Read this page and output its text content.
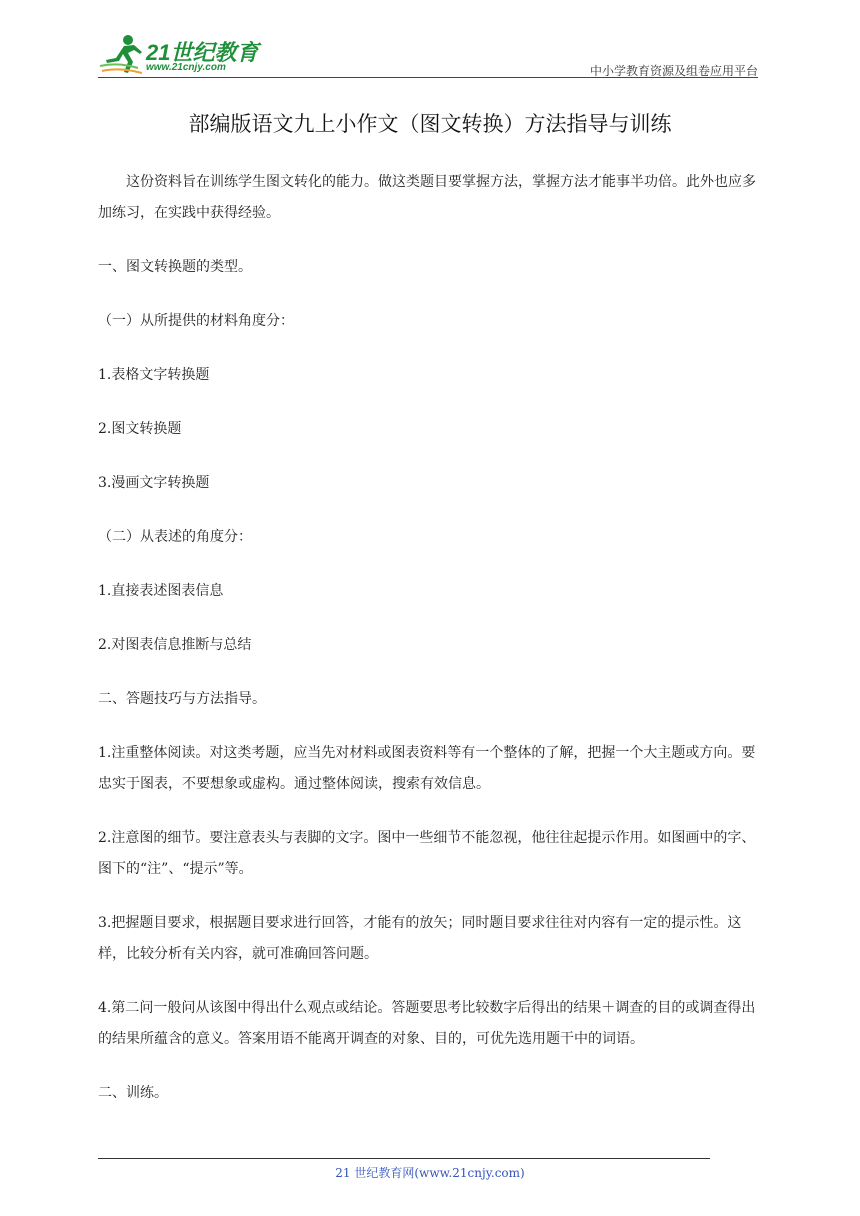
21世纪教育
www.21cnjy.com	中小学教育资源及组卷应用平台
部编版语文九上小作文（图文转换）方法指导与训练

这份资料旨在训练学生图文转化的能力。做这类题目要掌握方法，掌握方法才能事半功倍。此外也应多加练习，在实践中获得经验。

一、图文转换题的类型。

（一）从所提供的材料角度分：

1.表格文字转换题

2.图文转换题

3.漫画文字转换题

（二）从表述的角度分：

1.直接表述图表信息

2.对图表信息推断与总结

二、答题技巧与方法指导。

1.注重整体阅读。对这类考题，应当先对材料或图表资料等有一个整体的了解，把握一个大主题或方向。要忠实于图表，不要想象或虚构。通过整体阅读，搜索有效信息。

2.注意图的细节。要注意表头与表脚的文字。图中一些细节不能忽视，他往往起提示作用。如图画中的字、图下的“注”、“提示”等。

3.把握题目要求，根据题目要求进行回答，才能有的放矢；同时题目要求往往对内容有一定的提示性。这样，比较分析有关内容，就可准确回答问题。

4.第二问一般问从该图中得出什么观点或结论。答题要思考比较数字后得出的结果＋调查的目的或调查得出的结果所蕴含的意义。答案用语不能离开调查的对象、目的，可优先选用题干中的词语。

二、训练。

21 世纪教育网(www.21cnjy.com)
